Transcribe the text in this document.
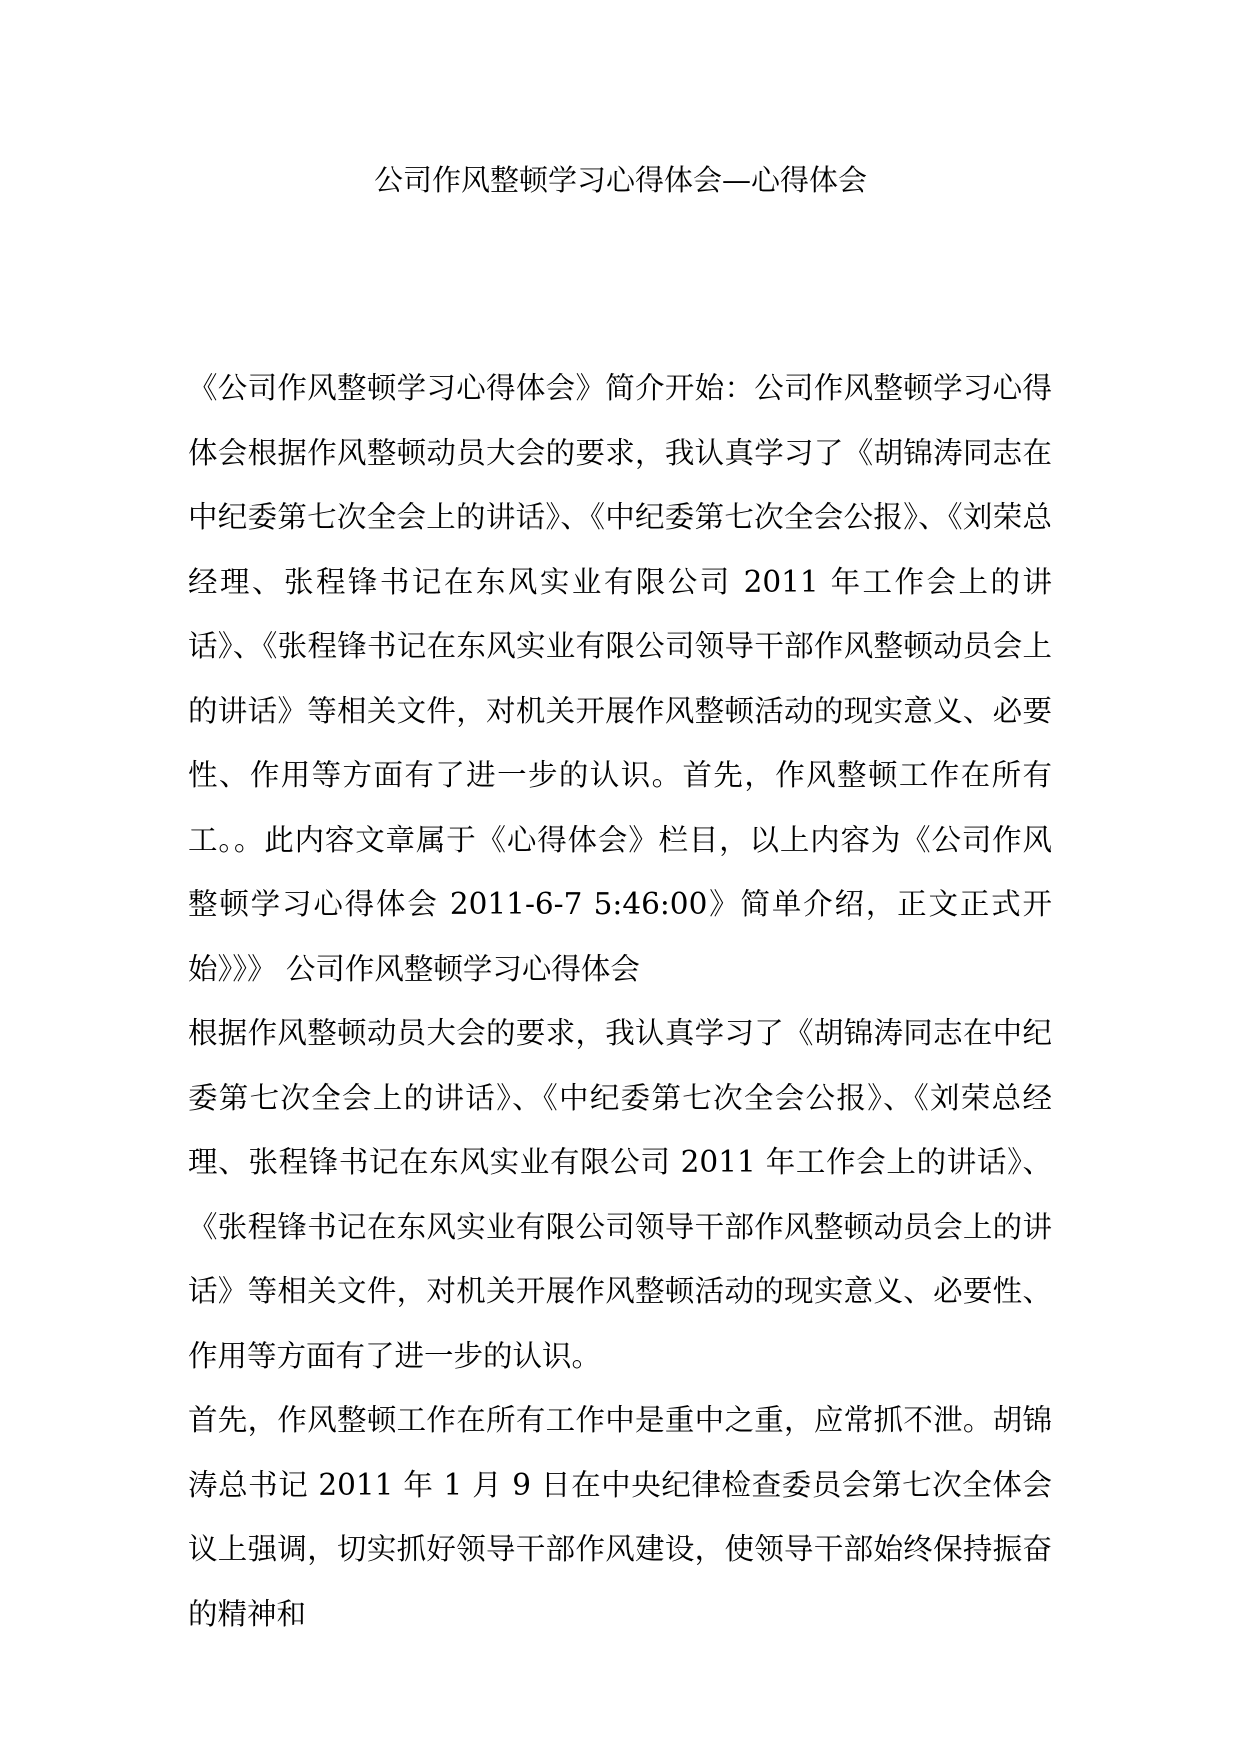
公司作风整顿学习心得体会—心得体会

《公司作风整顿学习心得体会》简介开始：公司作风整顿学习心得体会根据作风整顿动员大会的要求，我认真学习了《胡锦涛同志在中纪委第七次全会上的讲话》、《中纪委第七次全会公报》、《刘荣总经理、张程锋书记在东风实业有限公司 2011 年工作会上的讲话》、《张程锋书记在东风实业有限公司领导干部作风整顿动员会上的讲话》等相关文件，对机关开展作风整顿活动的现实意义、必要性、作用等方面有了进一步的认识。首先，作风整顿工作在所有工。。此内容文章属于《心得体会》栏目，以上内容为《公司作风整顿学习心得体会 2011-6-7 5:46:00》简单介绍，正文正式开始》》》 公司作风整顿学习心得体会

根据作风整顿动员大会的要求，我认真学习了《胡锦涛同志在中纪委第七次全会上的讲话》、《中纪委第七次全会公报》、《刘荣总经理、张程锋书记在东风实业有限公司 2011 年工作会上的讲话》、《张程锋书记在东风实业有限公司领导干部作风整顿动员会上的讲话》等相关文件，对机关开展作风整顿活动的现实意义、必要性、作用等方面有了进一步的认识。

首先，作风整顿工作在所有工作中是重中之重，应常抓不泄。胡锦涛总书记 2011 年 1 月 9 日在中央纪律检查委员会第七次全体会议上强调，切实抓好领导干部作风建设，使领导干部始终保持振奋的精神和
